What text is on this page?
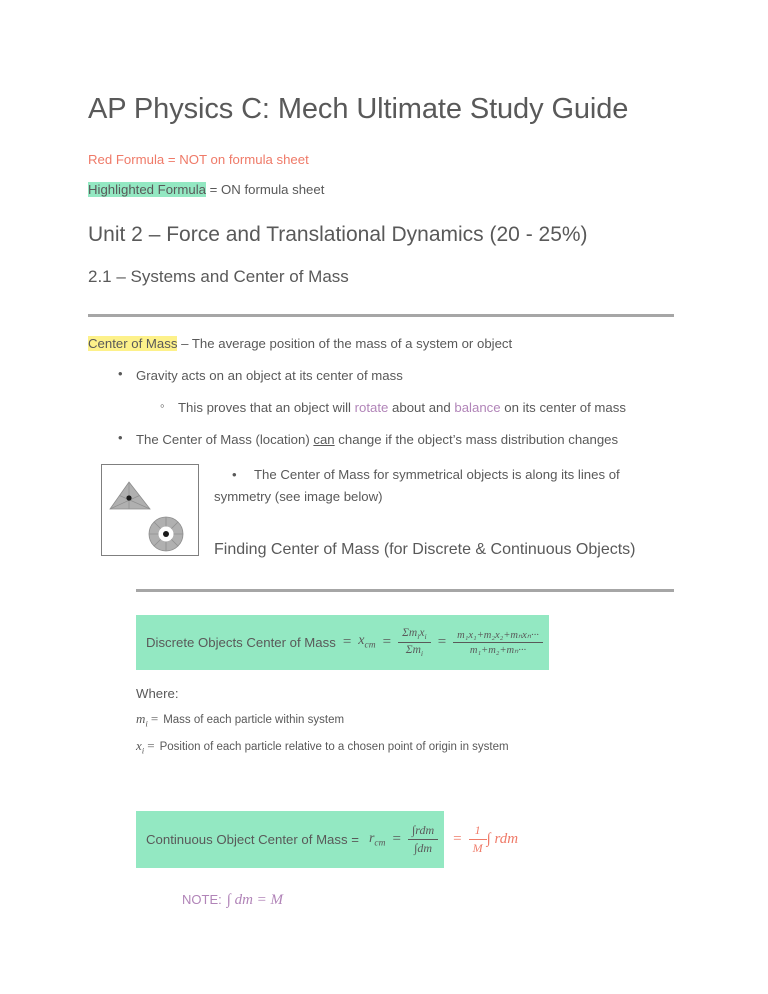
AP Physics C: Mech Ultimate Study Guide

Red Formula = NOT on formula sheet

Highlighted Formula = ON formula sheet

Unit 2 – Force and Translational Dynamics (20 - 25%)
2.1 – Systems and Center of Mass

Center of Mass – The average position of the mass of a system or object

• Gravity acts on an object at its center of mass
◦ This proves that an object will rotate about and balance on its center of mass
• The Center of Mass (location) can change if the object’s mass distribution changes
• The Center of Mass for symmetrical objects is along its lines of
symmetry (see image below)
Finding Center of Mass (for Discrete & Continuous Objects)
Discrete Objects Center of Mass = $x_{cm} = \frac{\Sigma m_ix_i}{\Sigma m_i} = \frac{\text{m₁x₁+m₂x₂+mₙxₙ···}}{\text{m₁+m₂+mₙ···}}$
Where:
$m_i$ = Mass of each particle within system
$x_i$ = Position of each particle relative to a chosen point of origin in system
Continuous Object Center of Mass = $r_{cm} = \frac{\text{∫rdm}}{\int dm}$	= $\frac{1}{M}$ ∫ rdm
NOTE: ∫ dm = M
